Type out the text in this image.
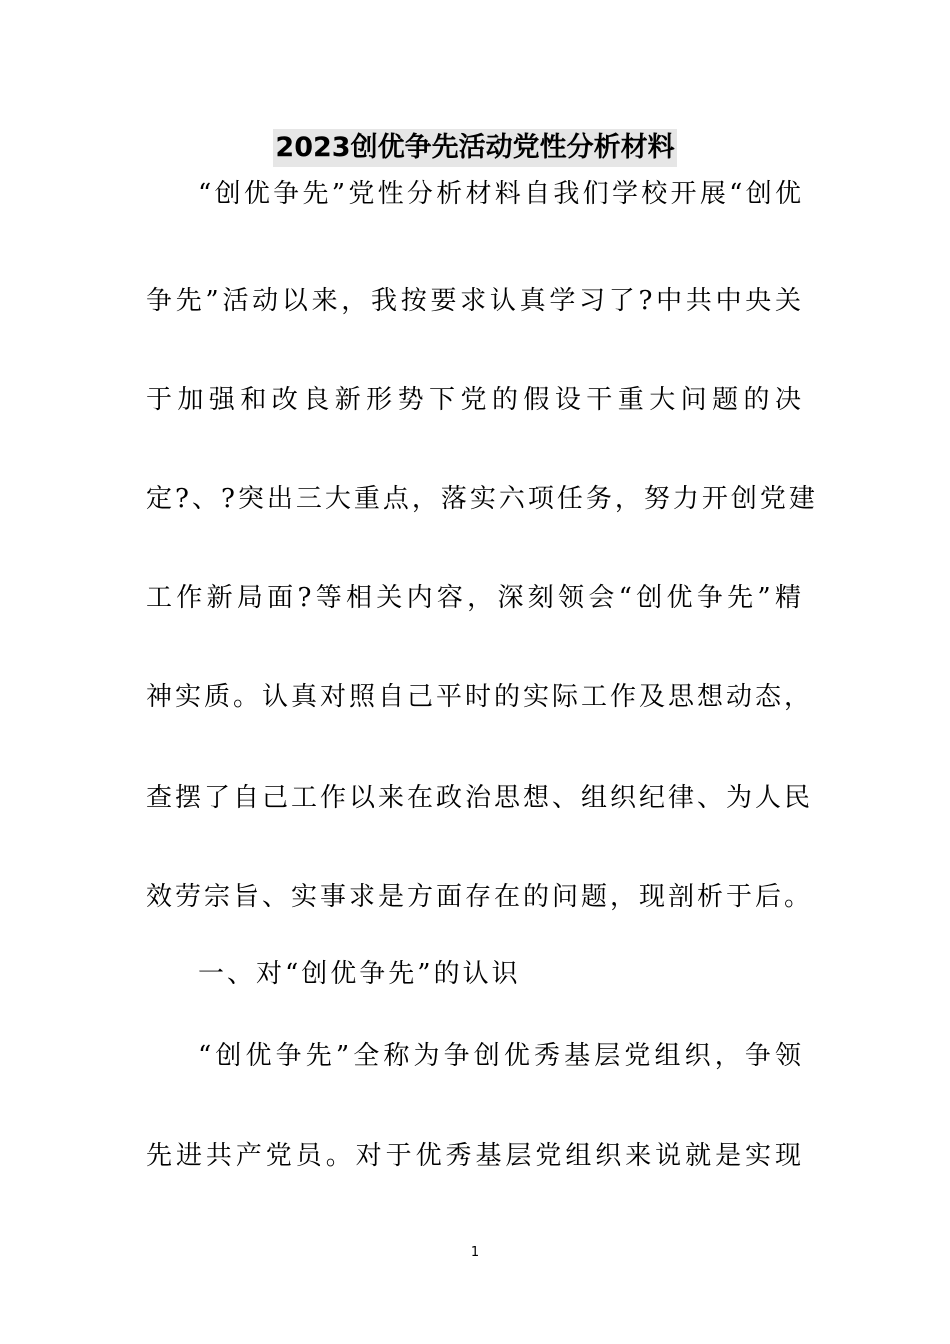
2023创优争先活动党性分析材料
“创优争先”党性分析材料自我们学校开展“创优
争先”活动以来，我按要求认真学习了?中共中央关
于加强和改良新形势下党的假设干重大问题的决
定?、?突出三大重点，落实六项任务，努力开创党建
工作新局面?等相关内容，深刻领会“创优争先”精
神实质。认真对照自己平时的实际工作及思想动态，
查摆了自己工作以来在政治思想、组织纪律、为人民
效劳宗旨、实事求是方面存在的问题，现剖析于后。
一、对“创优争先”的认识
“创优争先”全称为争创优秀基层党组织，争领
先进共产党员。对于优秀基层党组织来说就是实现
1
